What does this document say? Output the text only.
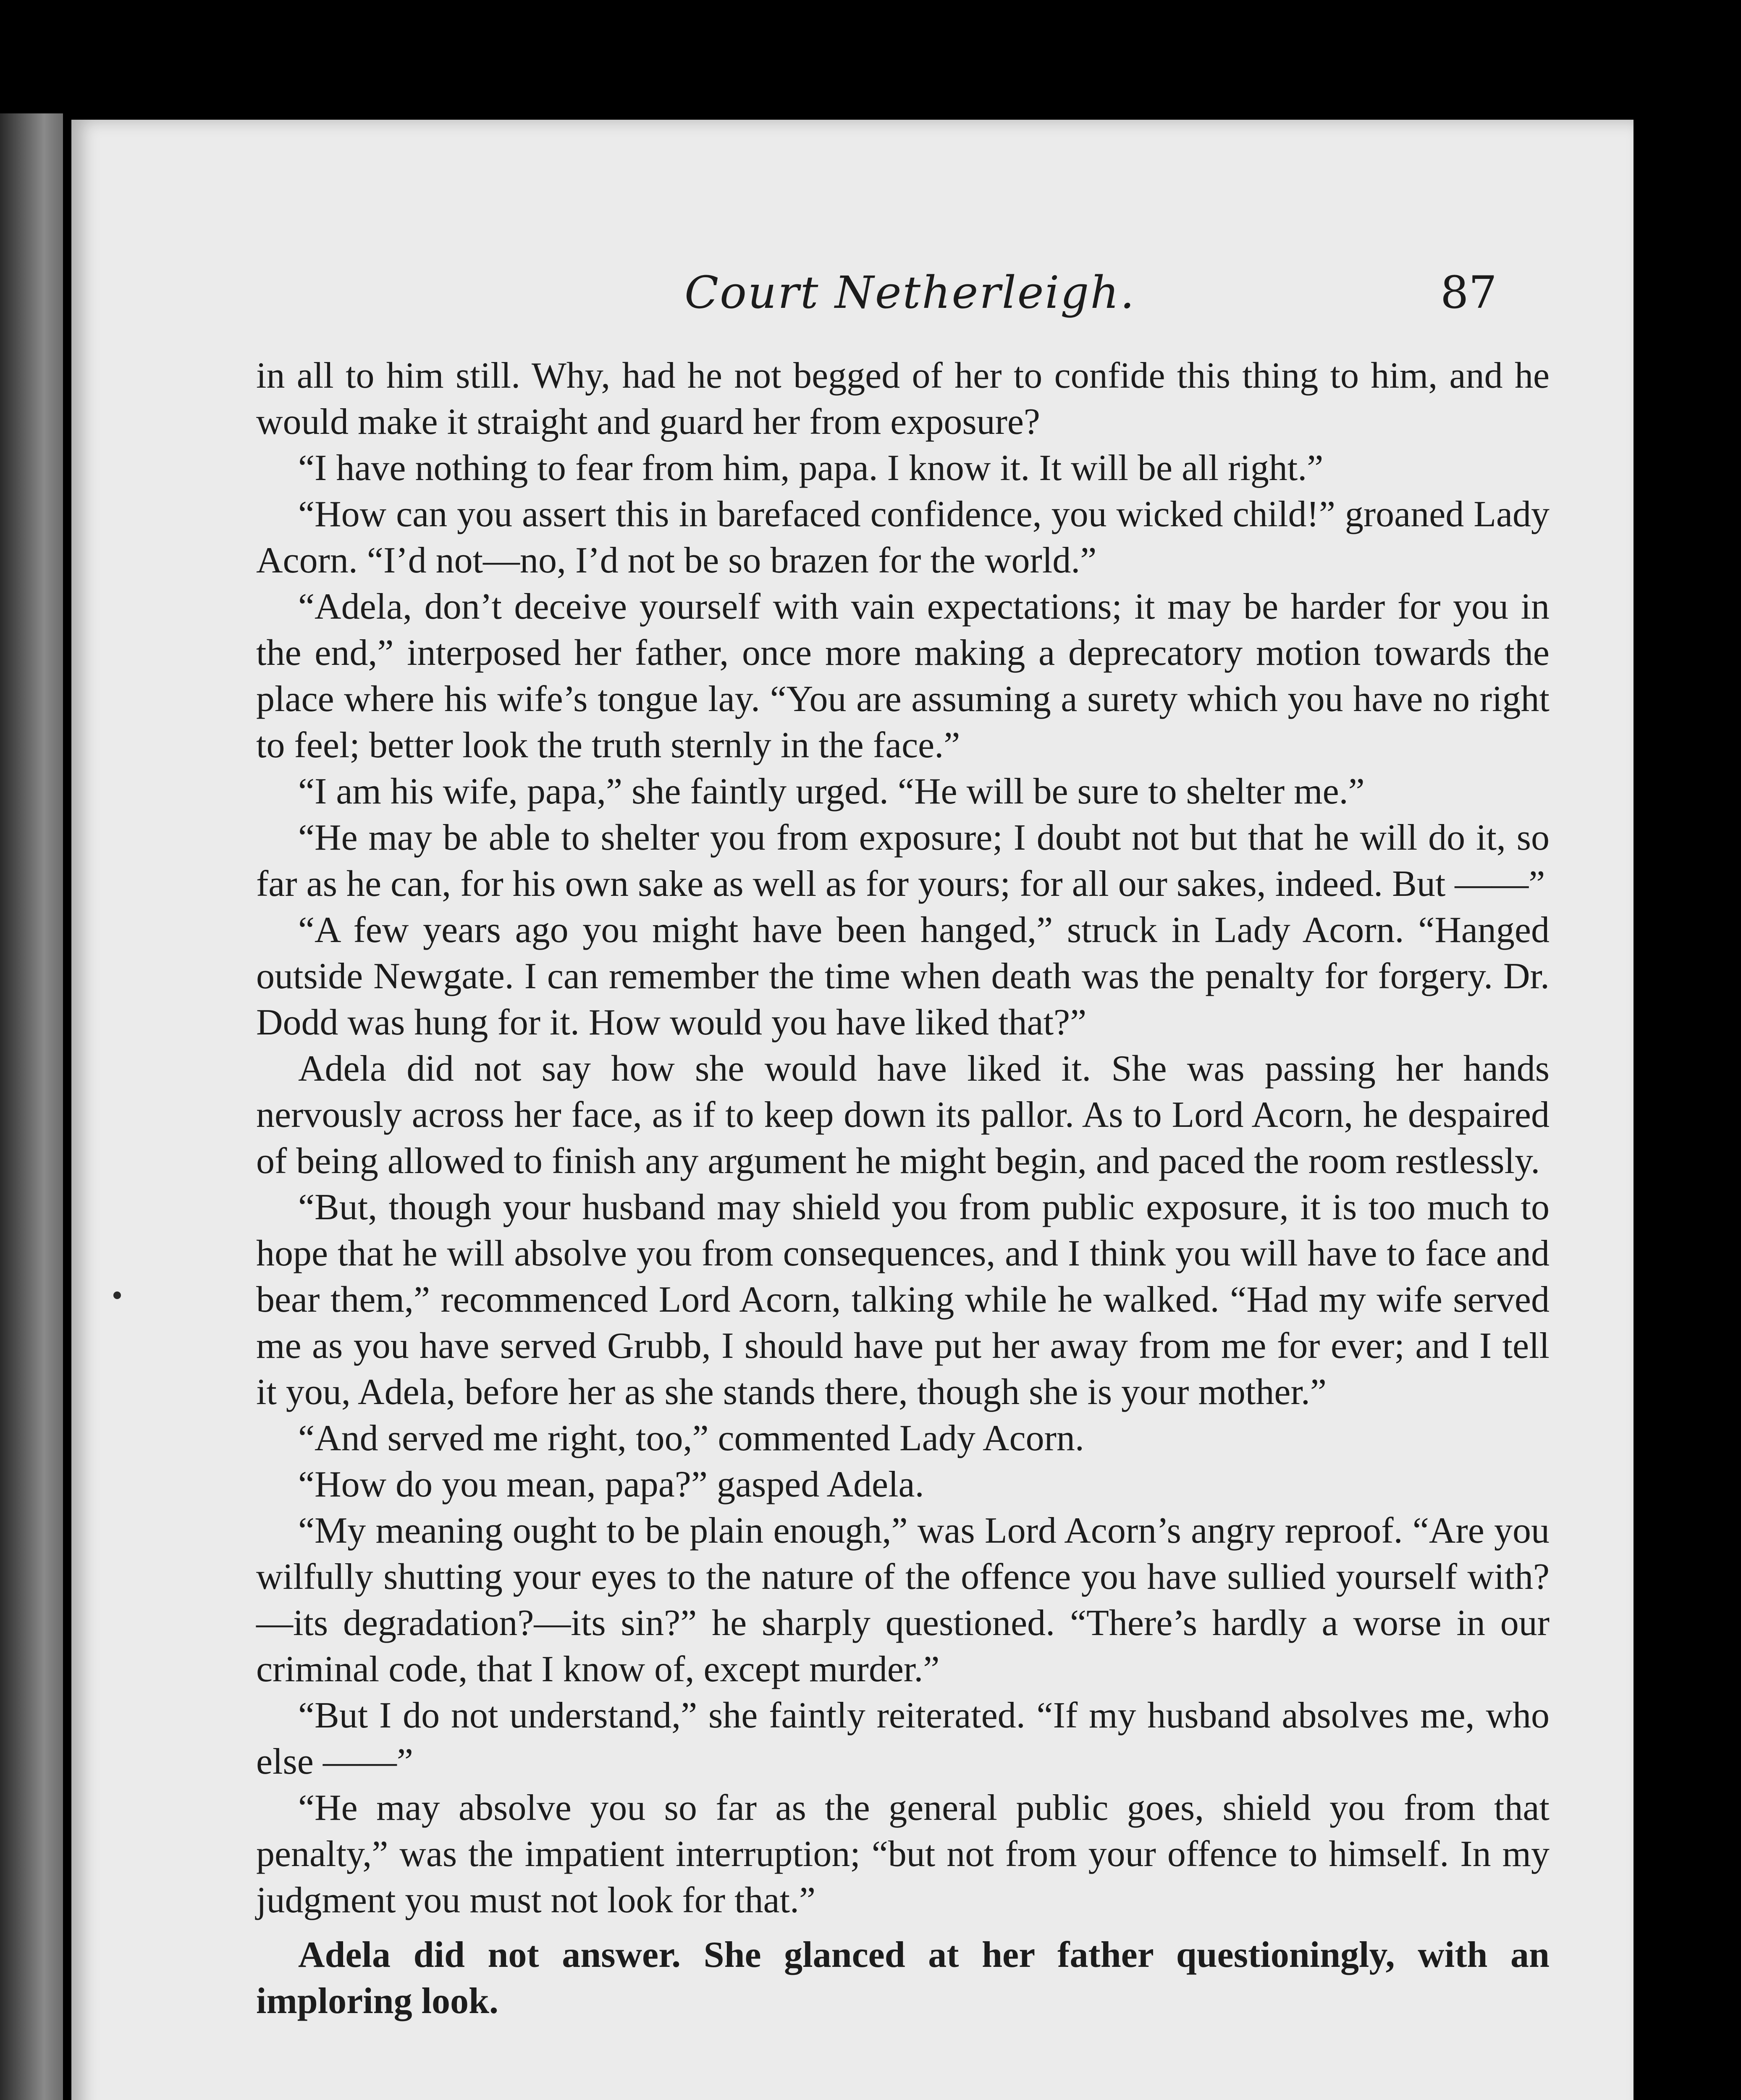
Court Netherleigh.	87

in all to him still. Why, had he not begged of her to confide this thing to him, and he would make it straight and guard her from exposure?

“I have nothing to fear from him, papa. I know it. It will be all right.”

“How can you assert this in barefaced confidence, you wicked child!” groaned Lady Acorn. “I’d not—no, I’d not be so brazen for the world.”

“Adela, don’t deceive yourself with vain expectations; it may be harder for you in the end,” interposed her father, once more making a deprecatory motion towards the place where his wife’s tongue lay. “You are assuming a surety which you have no right to feel; better look the truth sternly in the face.”

“I am his wife, papa,” she faintly urged. “He will be sure to shelter me.”

“He may be able to shelter you from exposure; I doubt not but that he will do it, so far as he can, for his own sake as well as for yours; for all our sakes, indeed. But ——”

“A few years ago you might have been hanged,” struck in Lady Acorn. “Hanged outside Newgate. I can remember the time when death was the penalty for forgery. Dr. Dodd was hung for it. How would you have liked that?”

Adela did not say how she would have liked it. She was passing her hands nervously across her face, as if to keep down its pallor. As to Lord Acorn, he despaired of being allowed to finish any argument he might begin, and paced the room restlessly.

“But, though your husband may shield you from public exposure, it is too much to hope that he will absolve you from consequences, and I think you will have to face and bear them,” recommenced Lord Acorn, talking while he walked. “Had my wife served me as you have served Grubb, I should have put her away from me for ever; and I tell it you, Adela, before her as she stands there, though she is your mother.”

“And served me right, too,” commented Lady Acorn.

“How do you mean, papa?” gasped Adela.

“My meaning ought to be plain enough,” was Lord Acorn’s angry reproof. “Are you wilfully shutting your eyes to the nature of the offence you have sullied yourself with?—its degradation?—its sin?” he sharply questioned. “There’s hardly a worse in our criminal code, that I know of, except murder.”

“But I do not understand,” she faintly reiterated. “If my husband absolves me, who else ——”

“He may absolve you so far as the general public goes, shield you from that penalty,” was the impatient interruption; “but not from your offence to himself. In my judgment you must not look for that.”

Adela did not answer. She glanced at her father questioningly, with an imploring look.
